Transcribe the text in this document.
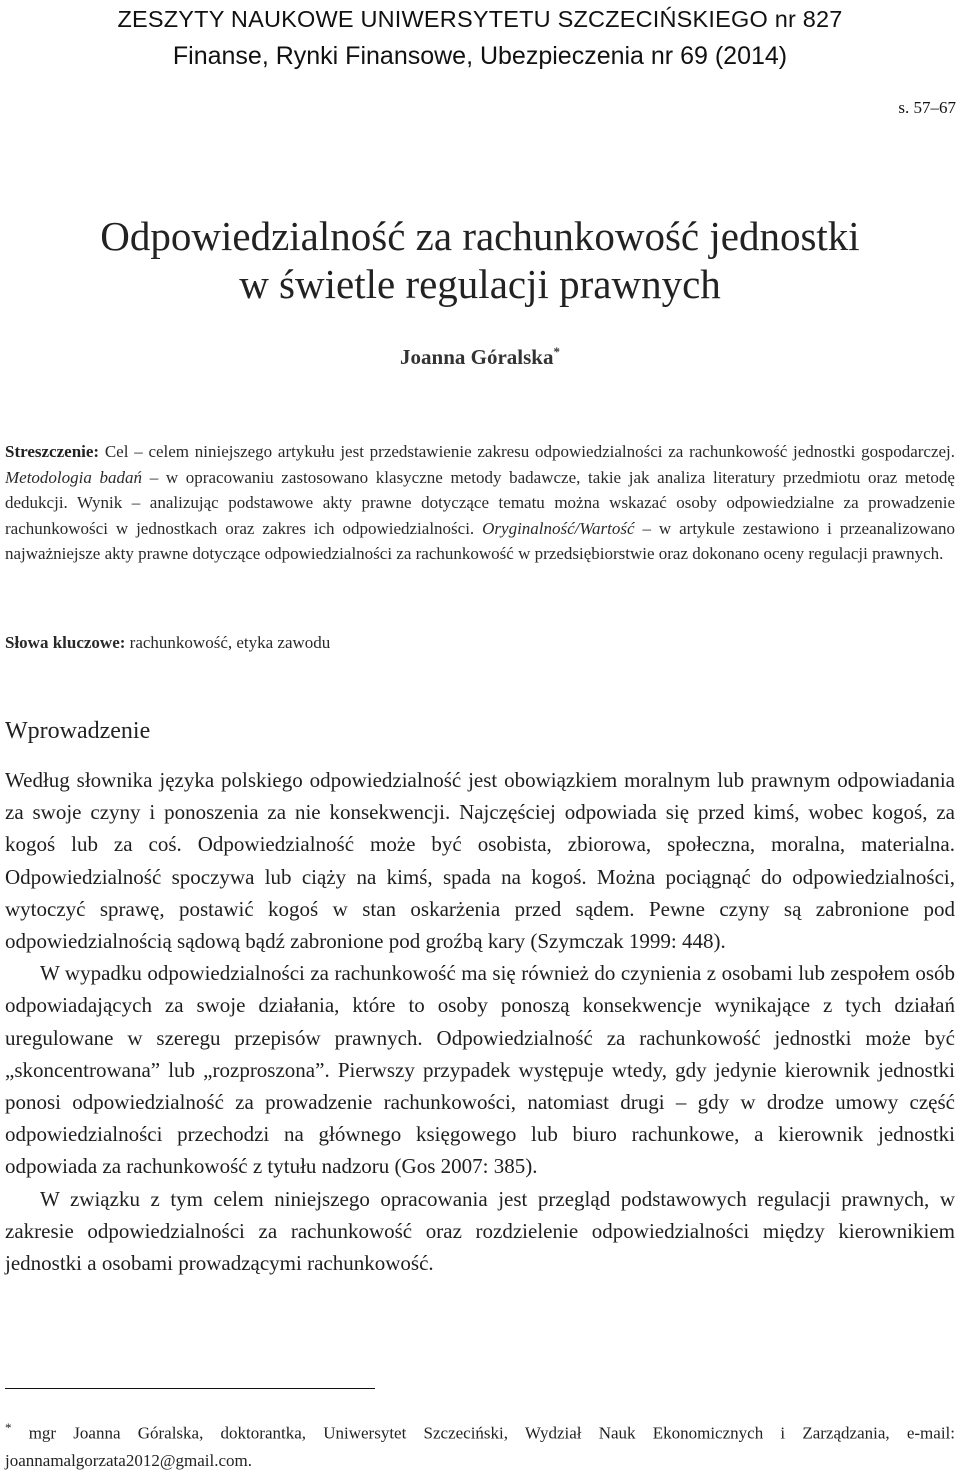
ZESZYTY NAUKOWE UNIWERSYTETU SZCZECIŃSKIEGO nr 827
Finanse, Rynki Finansowe, Ubezpieczenia nr 69 (2014)
s. 57–67
Odpowiedzialność za rachunkowość jednostki
w świetle regulacji prawnych
Joanna Góralska*
Streszczenie: Cel – celem niniejszego artykułu jest przedstawienie zakresu odpowiedzialności za rachunkowość jednostki gospodarczej. Metodologia badań – w opracowaniu zastosowano klasyczne metody badawcze, takie jak analiza literatury przedmiotu oraz metodę dedukcji. Wynik – analizując podstawowe akty prawne dotyczące tematu można wskazać osoby odpowiedzialne za prowadzenie rachunkowości w jednostkach oraz zakres ich odpowiedzialności. Oryginalność/Wartość – w artykule zestawiono i przeanalizowano najważniejsze akty prawne dotyczące odpowiedzialności za rachunkowość w przedsiębiorstwie oraz dokonano oceny regulacji prawnych.
Słowa kluczowe: rachunkowość, etyka zawodu
Wprowadzenie

Według słownika języka polskiego odpowiedzialność jest obowiązkiem moralnym lub prawnym odpowiadania za swoje czyny i ponoszenia za nie konsekwencji. Najczęściej odpowiada się przed kimś, wobec kogoś, za kogoś lub za coś. Odpowiedzialność może być osobista, zbiorowa, społeczna, moralna, materialna. Odpowiedzialność spoczywa lub ciąży na kimś, spada na kogoś. Można pociągnąć do odpowiedzialności, wytoczyć sprawę, postawić kogoś w stan oskarżenia przed sądem. Pewne czyny są zabronione pod odpowiedzialnością sądową bądź zabronione pod groźbą kary (Szymczak 1999: 448).

W wypadku odpowiedzialności za rachunkowość ma się również do czynienia z osobami lub zespołem osób odpowiadających za swoje działania, które to osoby ponoszą konsekwencje wynikające z tych działań uregulowane w szeregu przepisów prawnych. Odpowiedzialność za rachunkowość jednostki może być „skoncentrowana” lub „rozproszona”. Pierwszy przypadek występuje wtedy, gdy jedynie kierownik jednostki ponosi odpowiedzialność za prowadzenie rachunkowości, natomiast drugi – gdy w drodze umowy część odpowiedzialności przechodzi na głównego księgowego lub biuro rachunkowe, a kierownik jednostki odpowiada za rachunkowość z tytułu nadzoru (Gos 2007: 385).

W związku z tym celem niniejszego opracowania jest przegląd podstawowych regulacji prawnych, w zakresie odpowiedzialności za rachunkowość oraz rozdzielenie odpowiedzialności między kierownikiem jednostki a osobami prowadzącymi rachunkowość.

* mgr Joanna Góralska, doktorantka, Uniwersytet Szczeciński, Wydział Nauk Ekonomicznych i Zarządzania, e-mail: joannamalgorzata2012@gmail.com.
